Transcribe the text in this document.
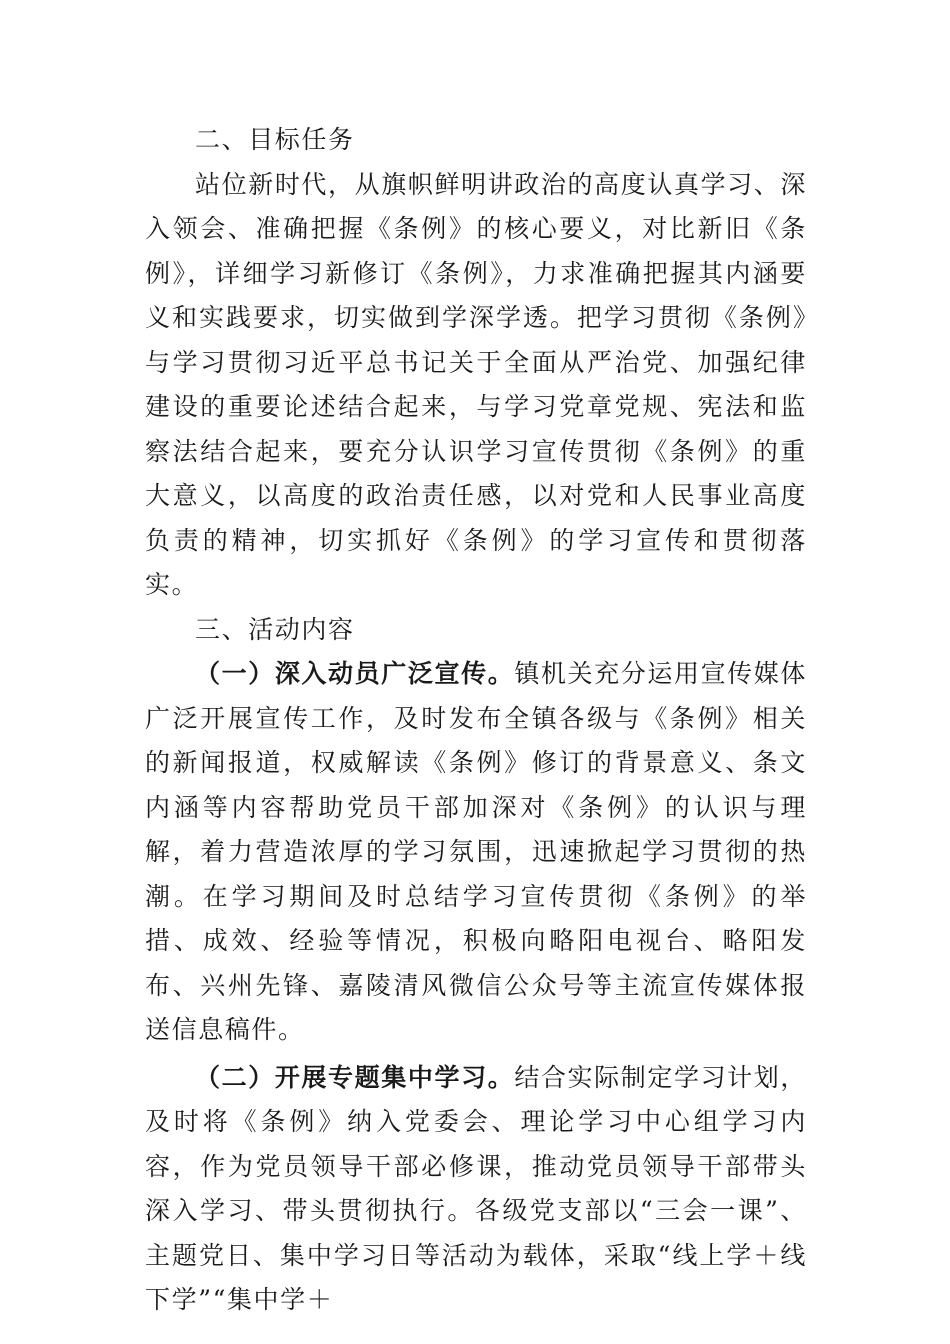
二、目标任务

站位新时代，从旗帜鲜明讲政治的高度认真学习、深入领会、准确把握《条例》的核心要义，对比新旧《条例》，详细学习新修订《条例》，力求准确把握其内涵要义和实践要求，切实做到学深学透。把学习贯彻《条例》与学习贯彻习近平总书记关于全面从严治党、加强纪律建设的重要论述结合起来，与学习党章党规、宪法和监察法结合起来，要充分认识学习宣传贯彻《条例》的重大意义，以高度的政治责任感，以对党和人民事业高度负责的精神，切实抓好《条例》的学习宣传和贯彻落实。

三、活动内容

（一）深入动员广泛宣传。镇机关充分运用宣传媒体广泛开展宣传工作，及时发布全镇各级与《条例》相关的新闻报道，权威解读《条例》修订的背景意义、条文内涵等内容帮助党员干部加深对《条例》的认识与理解，着力营造浓厚的学习氛围，迅速掀起学习贯彻的热潮。在学习期间及时总结学习宣传贯彻《条例》的举措、成效、经验等情况，积极向略阳电视台、略阳发布、兴州先锋、嘉陵清风微信公众号等主流宣传媒体报送信息稿件。

（二）开展专题集中学习。结合实际制定学习计划，及时将《条例》纳入党委会、理论学习中心组学习内容，作为党员领导干部必修课，推动党员领导干部带头深入学习、带头贯彻执行。各级党支部以“三会一课”、主题党日、集中学习日等活动为载体，采取“线上学＋线下学”“集中学＋
